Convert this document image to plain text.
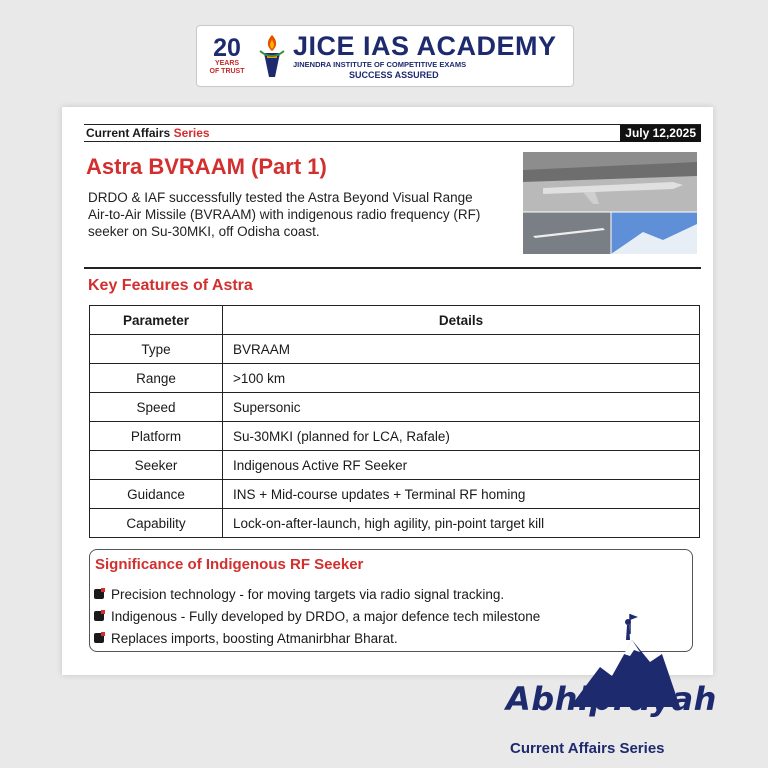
20
YEARS
OF TRUST
JICE IAS ACADEMY
JINENDRA INSTITUTE OF COMPETITIVE EXAMS
SUCCESS ASSURED
Current Affairs Series	July 12,2025
Astra BVRAAM (Part 1)
DRDO & IAF successfully tested the Astra Beyond Visual Range Air-to-Air Missile (BVRAAM) with indigenous radio frequency (RF) seeker on Su-30MKI, off Odisha coast.
Key Features of Astra
Parameter	Details
Type	BVRAAM
Range	>100 km
Speed	Supersonic
Platform	Su-30MKI (planned for LCA, Rafale)
Seeker	Indigenous Active RF Seeker
Guidance	INS + Mid-course updates + Terminal RF homing
Capability	Lock-on-after-launch, high agility, pin-point target kill
Significance of Indigenous RF Seeker
Precision technology - for moving targets via radio signal tracking.
Indigenous - Fully developed by DRDO, a major defence tech milestone
Replaces imports, boosting Atmanirbhar Bharat.
Abhiprayah
Current Affairs Series
